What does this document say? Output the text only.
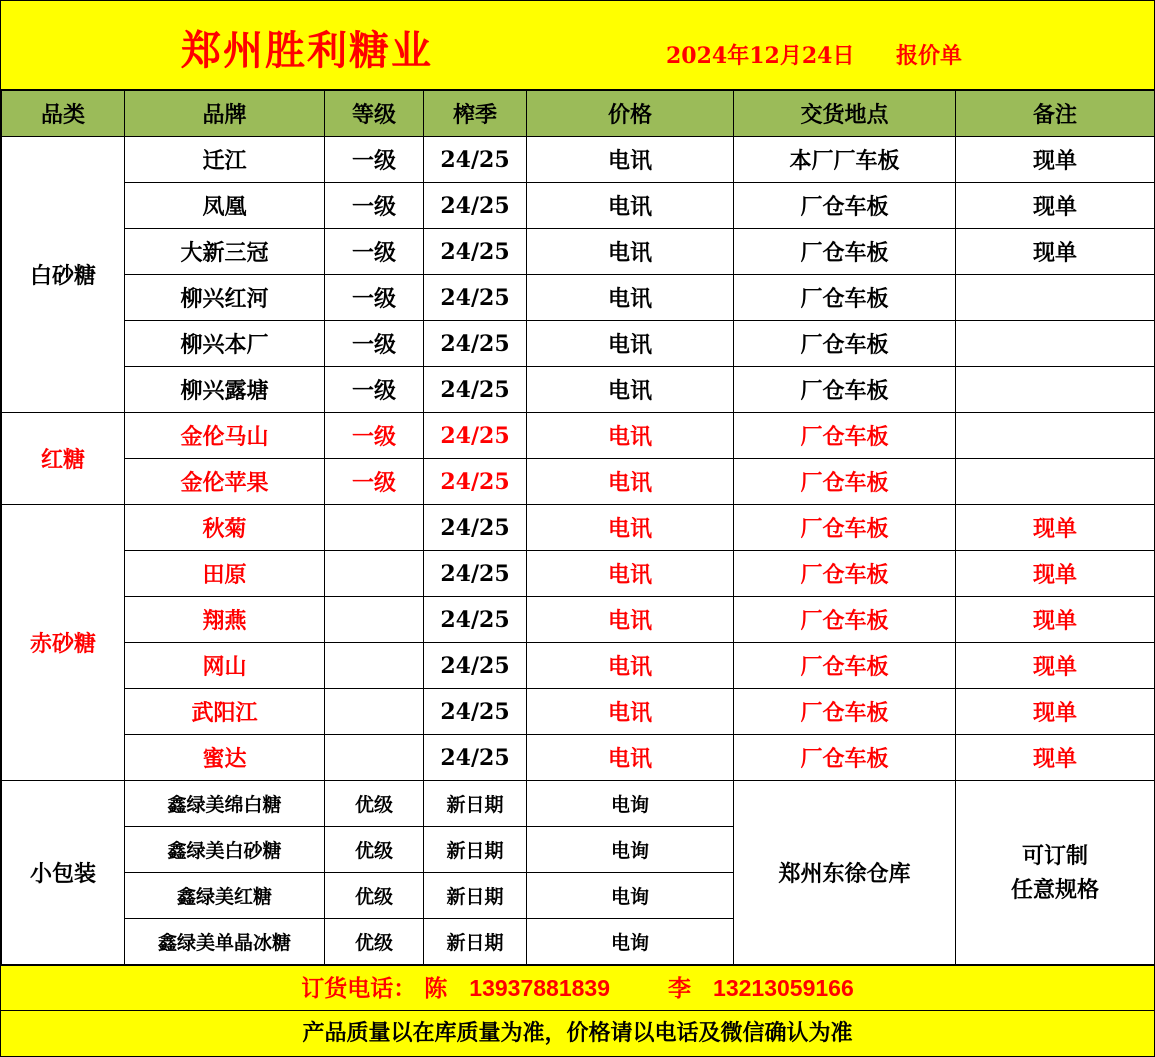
郑州胜利糖业	2024年12月24日 报价单
品类	品牌	等级	榨季	价格	交货地点	备注
白砂糖	迁江	一级	24/25	电讯	本厂厂车板	现单
	凤凰	一级	24/25	电讯	厂仓车板	现单
	大新三冠	一级	24/25	电讯	厂仓车板	现单
	柳兴红河	一级	24/25	电讯	厂仓车板	
	柳兴本厂	一级	24/25	电讯	厂仓车板	
	柳兴露塘	一级	24/25	电讯	厂仓车板	
红糖	金伦马山	一级	24/25	电讯	厂仓车板	
	金伦苹果	一级	24/25	电讯	厂仓车板	
赤砂糖	秋菊		24/25	电讯	厂仓车板	现单
	田原		24/25	电讯	厂仓车板	现单
	翔燕		24/25	电讯	厂仓车板	现单
	网山		24/25	电讯	厂仓车板	现单
	武阳江		24/25	电讯	厂仓车板	现单
	蜜达		24/25	电讯	厂仓车板	现单
小包装	鑫绿美绵白糖	优级	新日期	电询	郑州东徐仓库	可订制
任意规格

	鑫绿美白砂糖	优级	新日期	电询		
	鑫绿美红糖	优级	新日期	电询		
	鑫绿美单晶冰糖	优级	新日期	电询		
订货电话： 陈 13937881839	李 13213059166
产品质量以在库质量为准，价格请以电话及微信确认为准
